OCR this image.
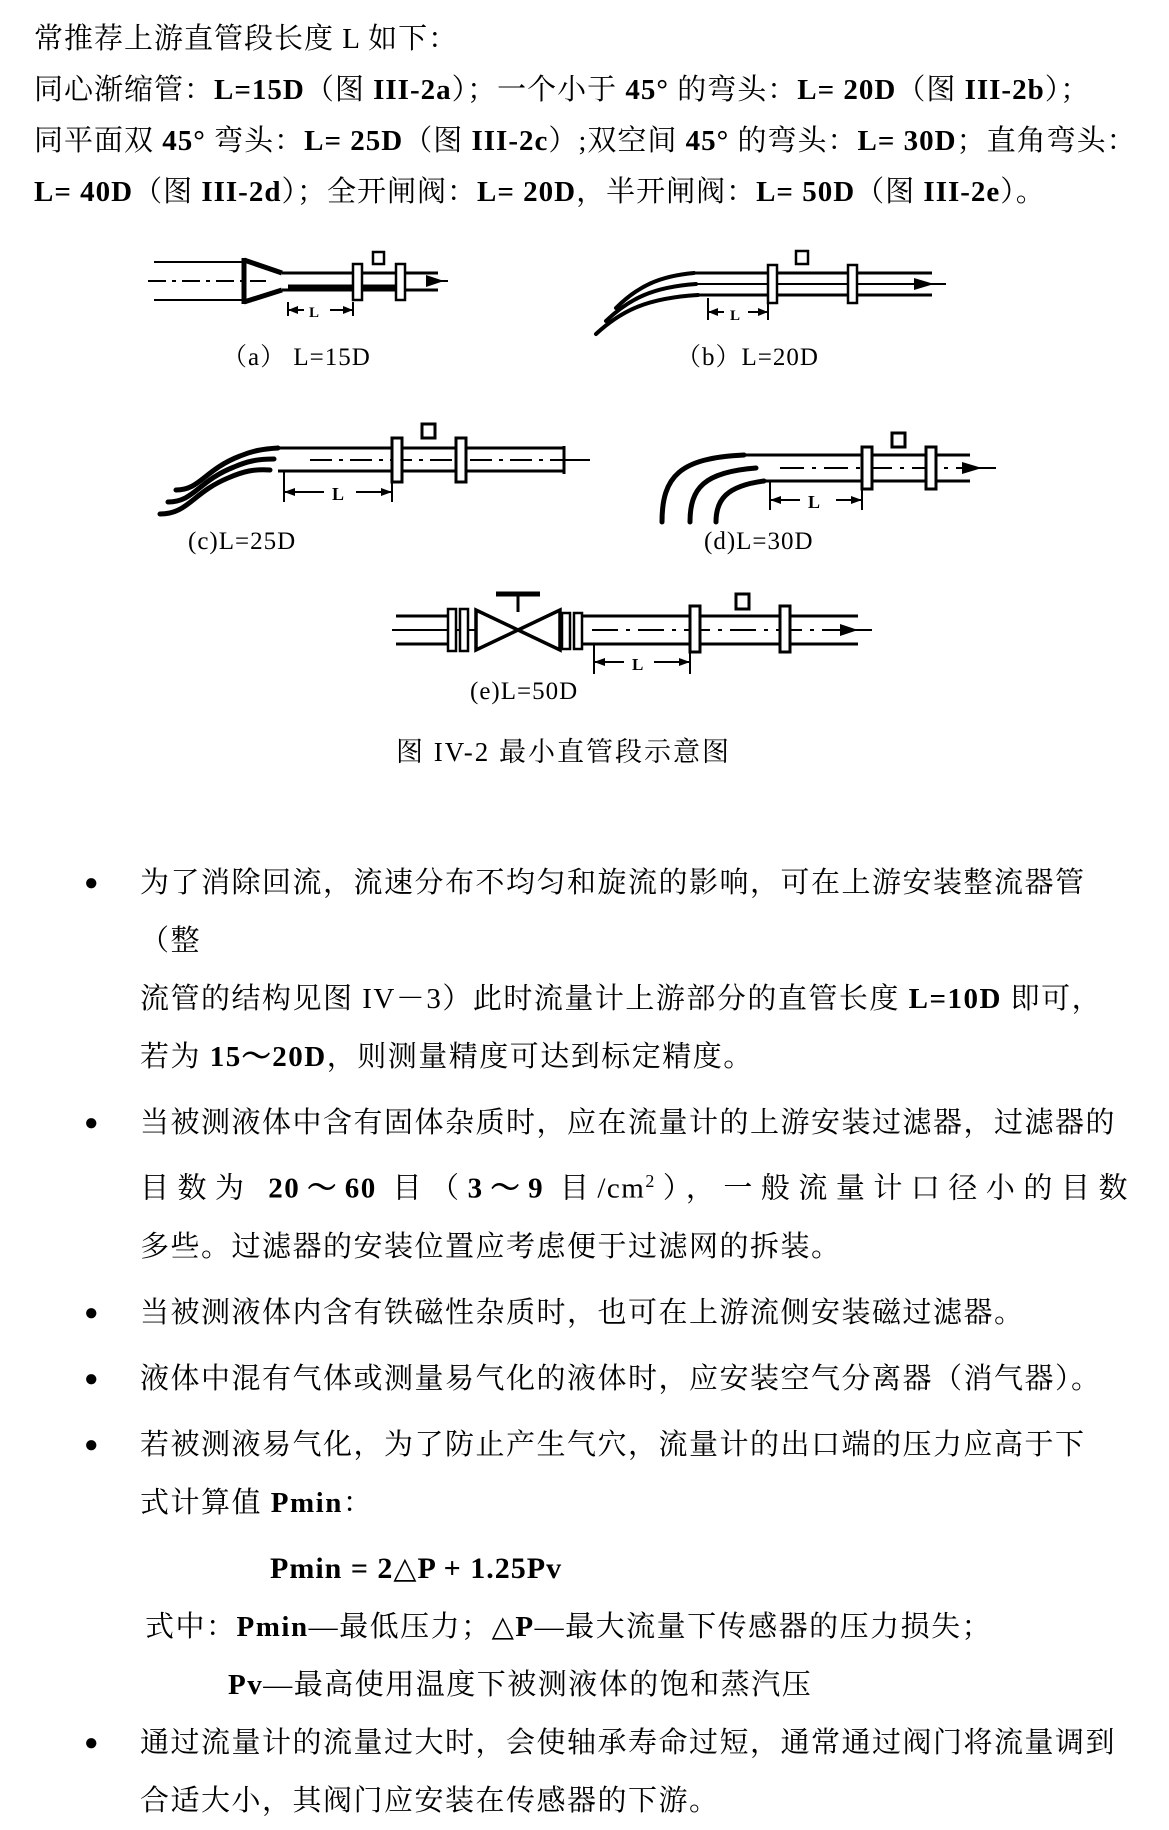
常推荐上游直管段长度 L 如下：
同心渐缩管：L=15D（图 III-2a）；一个小于 45° 的弯头：L= 20D（图 III-2b）；
同平面双 45° 弯头：L= 25D（图 III-2c）;双空间 45° 的弯头：L= 30D；直角弯头：
L= 40D（图 III-2d）；全开闸阀：L= 20D，半开闸阀：L= 50D（图 III-2e）。
L	L
（a） L=15D	（b）L=20D
L	L
(c)L=25D	(d)L=30D
L
(e)L=50D
图 IV-2 最小直管段示意图
●	为了消除回流，流速分布不均匀和旋流的影响，可在上游安装整流器管（整
流管的结构见图 IV－3）此时流量计上游部分的直管长度 L=10D 即可，
若为 15～20D，则测量精度可达到标定精度。
●	当被测液体中含有固体杂质时，应在流量计的上游安装过滤器，过滤器的
目数为 20～60 目（3～9 目$/cm^2$），一般流量计口径小的目数
多些。过滤器的安装位置应考虑便于过滤网的拆装。
●	当被测液体内含有铁磁性杂质时，也可在上游流侧安装磁过滤器。
●	液体中混有气体或测量易气化的液体时，应安装空气分离器（消气器）。
●	若被测液易气化，为了防止产生气穴，流量计的出口端的压力应高于下
式计算值 Pmin：
Pmin = 2△P + 1.25Pv
式中：Pmin—最低压力；△P—最大流量下传感器的压力损失；
Pv—最高使用温度下被测液体的饱和蒸汽压
●	通过流量计的流量过大时，会使轴承寿命过短，通常通过阀门将流量调到
合适大小，其阀门应安装在传感器的下游。
